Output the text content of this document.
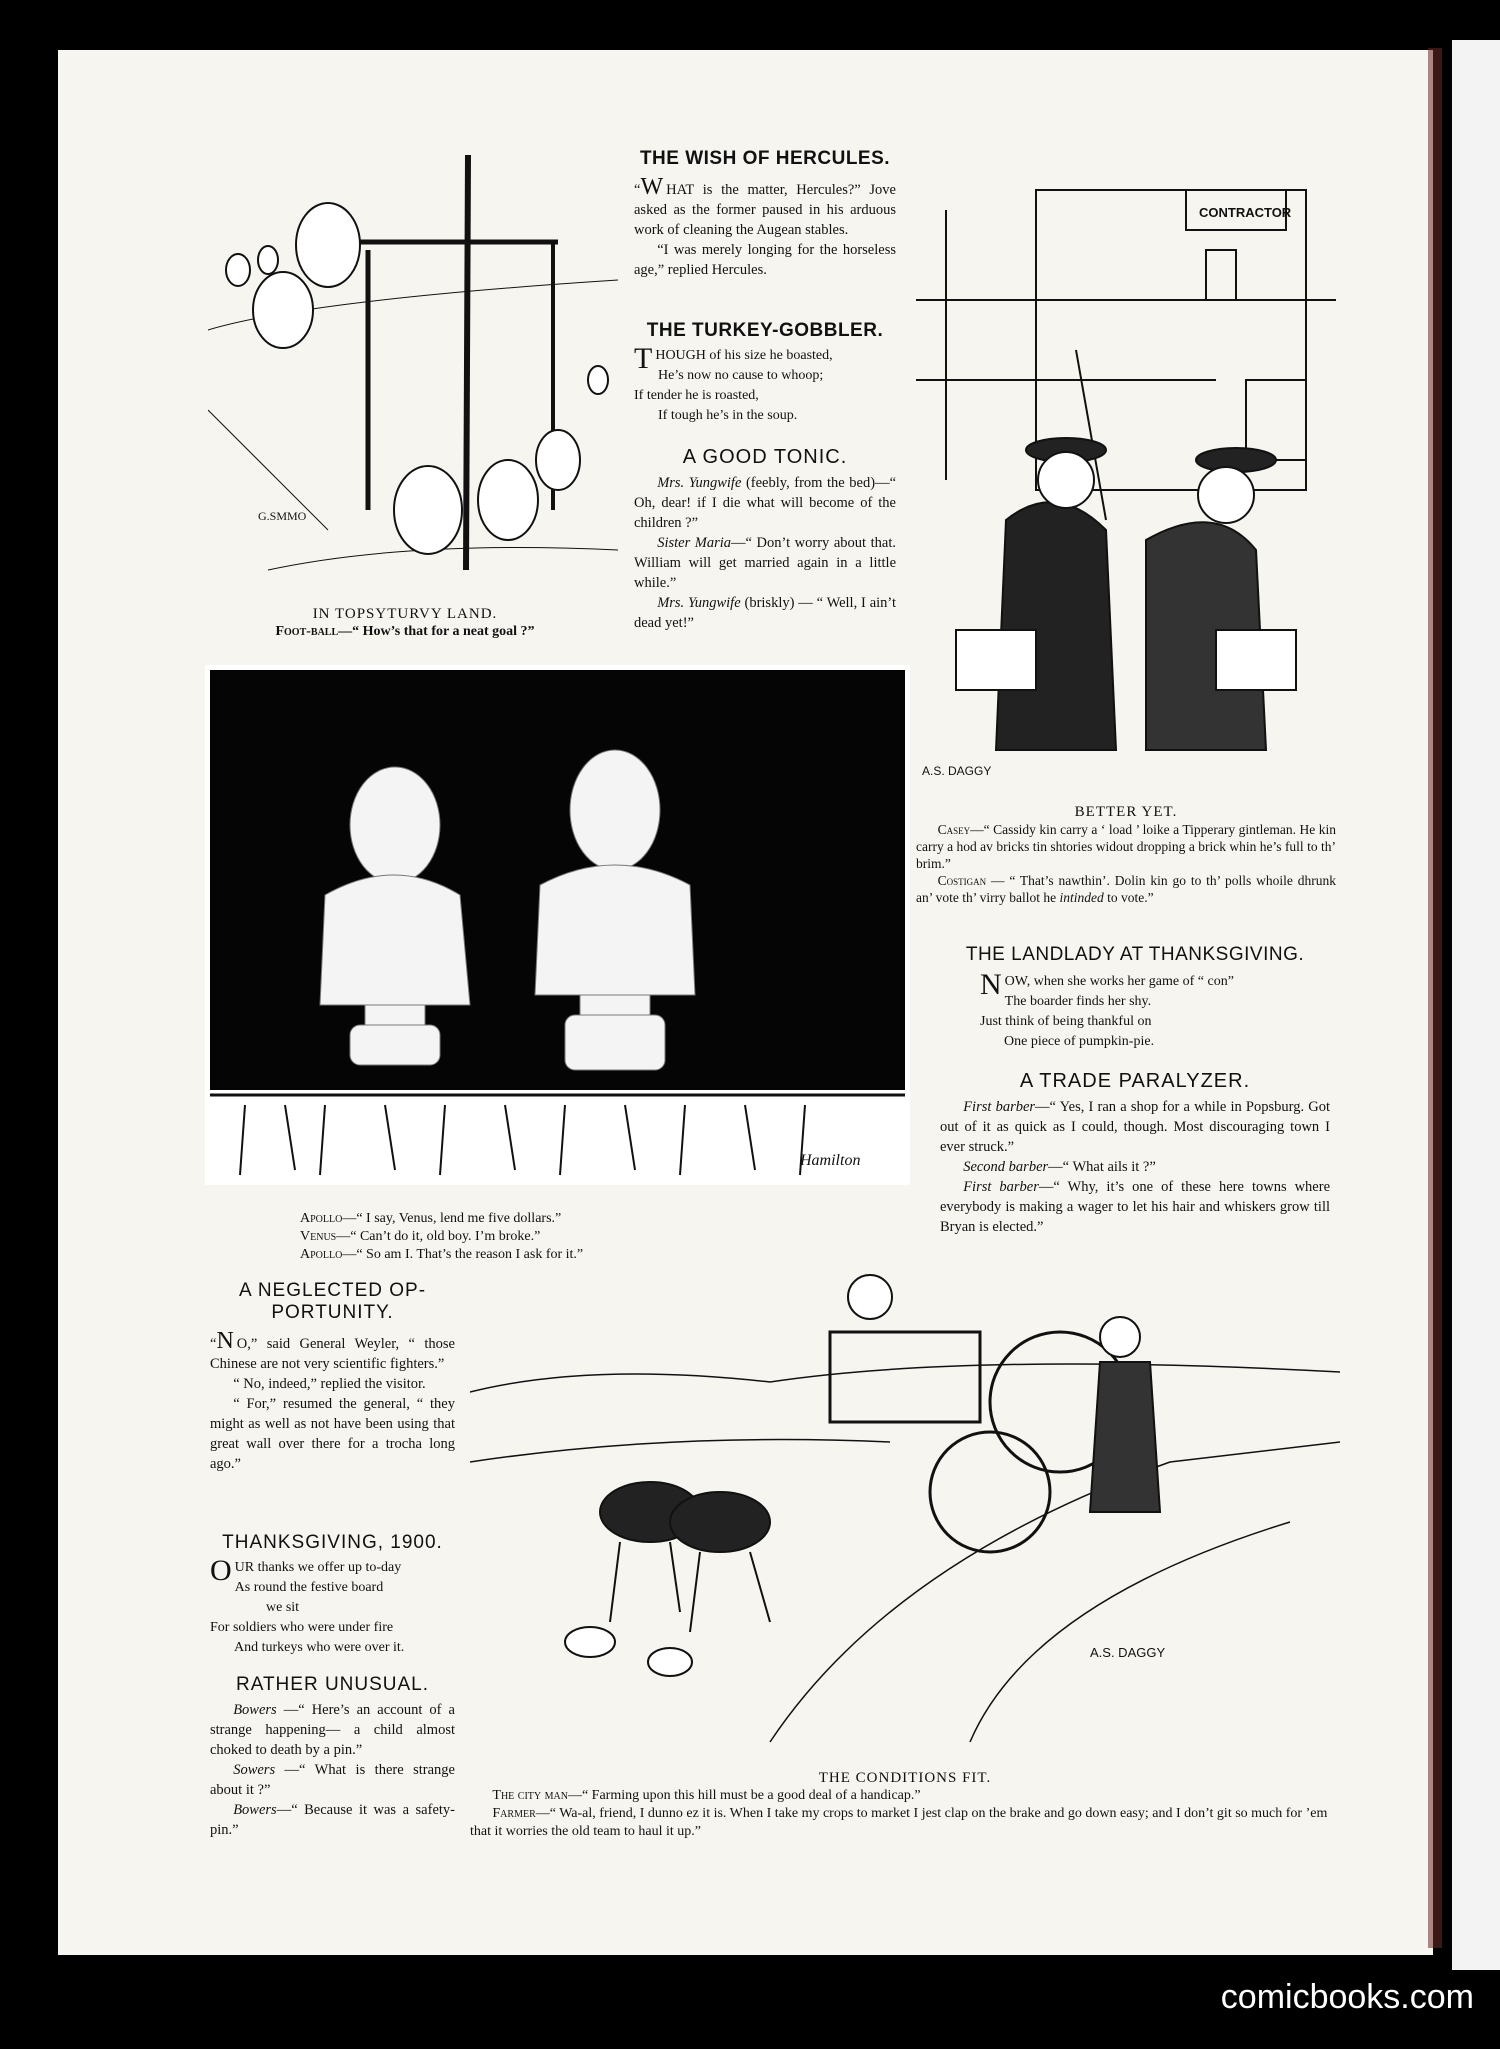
G.SMMO

IN TOPSYTURVY LAND.

Foot-ball—“ How’s that for a neat goal ?”

THE WISH OF HERCULES.

“W HAT is the matter, Hercules?” Jove asked as the former paused in his arduous work of cleaning the Augean stables.

“I was merely longing for the horseless age,” replied Hercules.

THE TURKEY-GOBBLER.

THOUGH of his size he boasted,

He’s now no cause to whoop;

If tender he is roasted,

If tough he’s in the soup.

A GOOD TONIC.

Mrs. Yungwife (feebly, from the bed)—“ Oh, dear! if I die what will become of the children ?”

Sister Maria—“ Don’t worry about that. William will get married again in a little while.”

Mrs. Yungwife (briskly) — “ Well, I ain’t dead yet!”

CONTRACTOR
A.S. DAGGY

BETTER YET.

Casey—“ Cassidy kin carry a ‘ load ’ loike a Tipperary gintleman. He kin carry a hod av bricks tin shtories widout dropping a brick whin he’s full to th’ brim.”

Costigan — “ That’s nawthin’. Dolin kin go to th’ polls whoile dhrunk an’ vote th’ virry ballot he intinded to vote.”

Hamilton

Apollo—“ I say, Venus, lend me five dollars.”

Venus—“ Can’t do it, old boy. I’m broke.”

Apollo—“ So am I. That’s the reason I ask for it.”

THE LANDLADY AT THANKSGIVING.

NOW, when she works her game of “ con”

The boarder finds her shy.

Just think of being thankful on

One piece of pumpkin-pie.

A TRADE PARALYZER.

First barber—“ Yes, I ran a shop for a while in Popsburg. Got out of it as quick as I could, though. Most discouraging town I ever struck.”

Second barber—“ What ails it ?”

First barber—“ Why, it’s one of these here towns where everybody is making a wager to let his hair and whiskers grow till Bryan is elected.”

A NEGLECTED OP-

PORTUNITY.

“N O,” said General Weyler, “ those Chinese are not very scientific fighters.”

“ No, indeed,” replied the visitor.

“ For,” resumed the general, “ they might as well as not have been using that great wall over there for a trocha long ago.”

THANKSGIVING, 1900.

OUR thanks we offer up to-day

As round the festive board

we sit

For soldiers who were under fire

And turkeys who were over it.

RATHER UNUSUAL.

Bowers —“ Here’s an account of a strange happening— a child almost choked to death by a pin.”

Sowers —“ What is there strange about it ?”

Bowers—“ Because it was a safety-pin.”

A.S. DAGGY

THE CONDITIONS FIT.

The city man—“ Farming upon this hill must be a good deal of a handicap.”

Farmer—“ Wa-al, friend, I dunno ez it is. When I take my crops to market I jest clap on the brake and go down easy; and I don’t git so much for ’em that it worries the old team to haul it up.”

comicbooks.com
